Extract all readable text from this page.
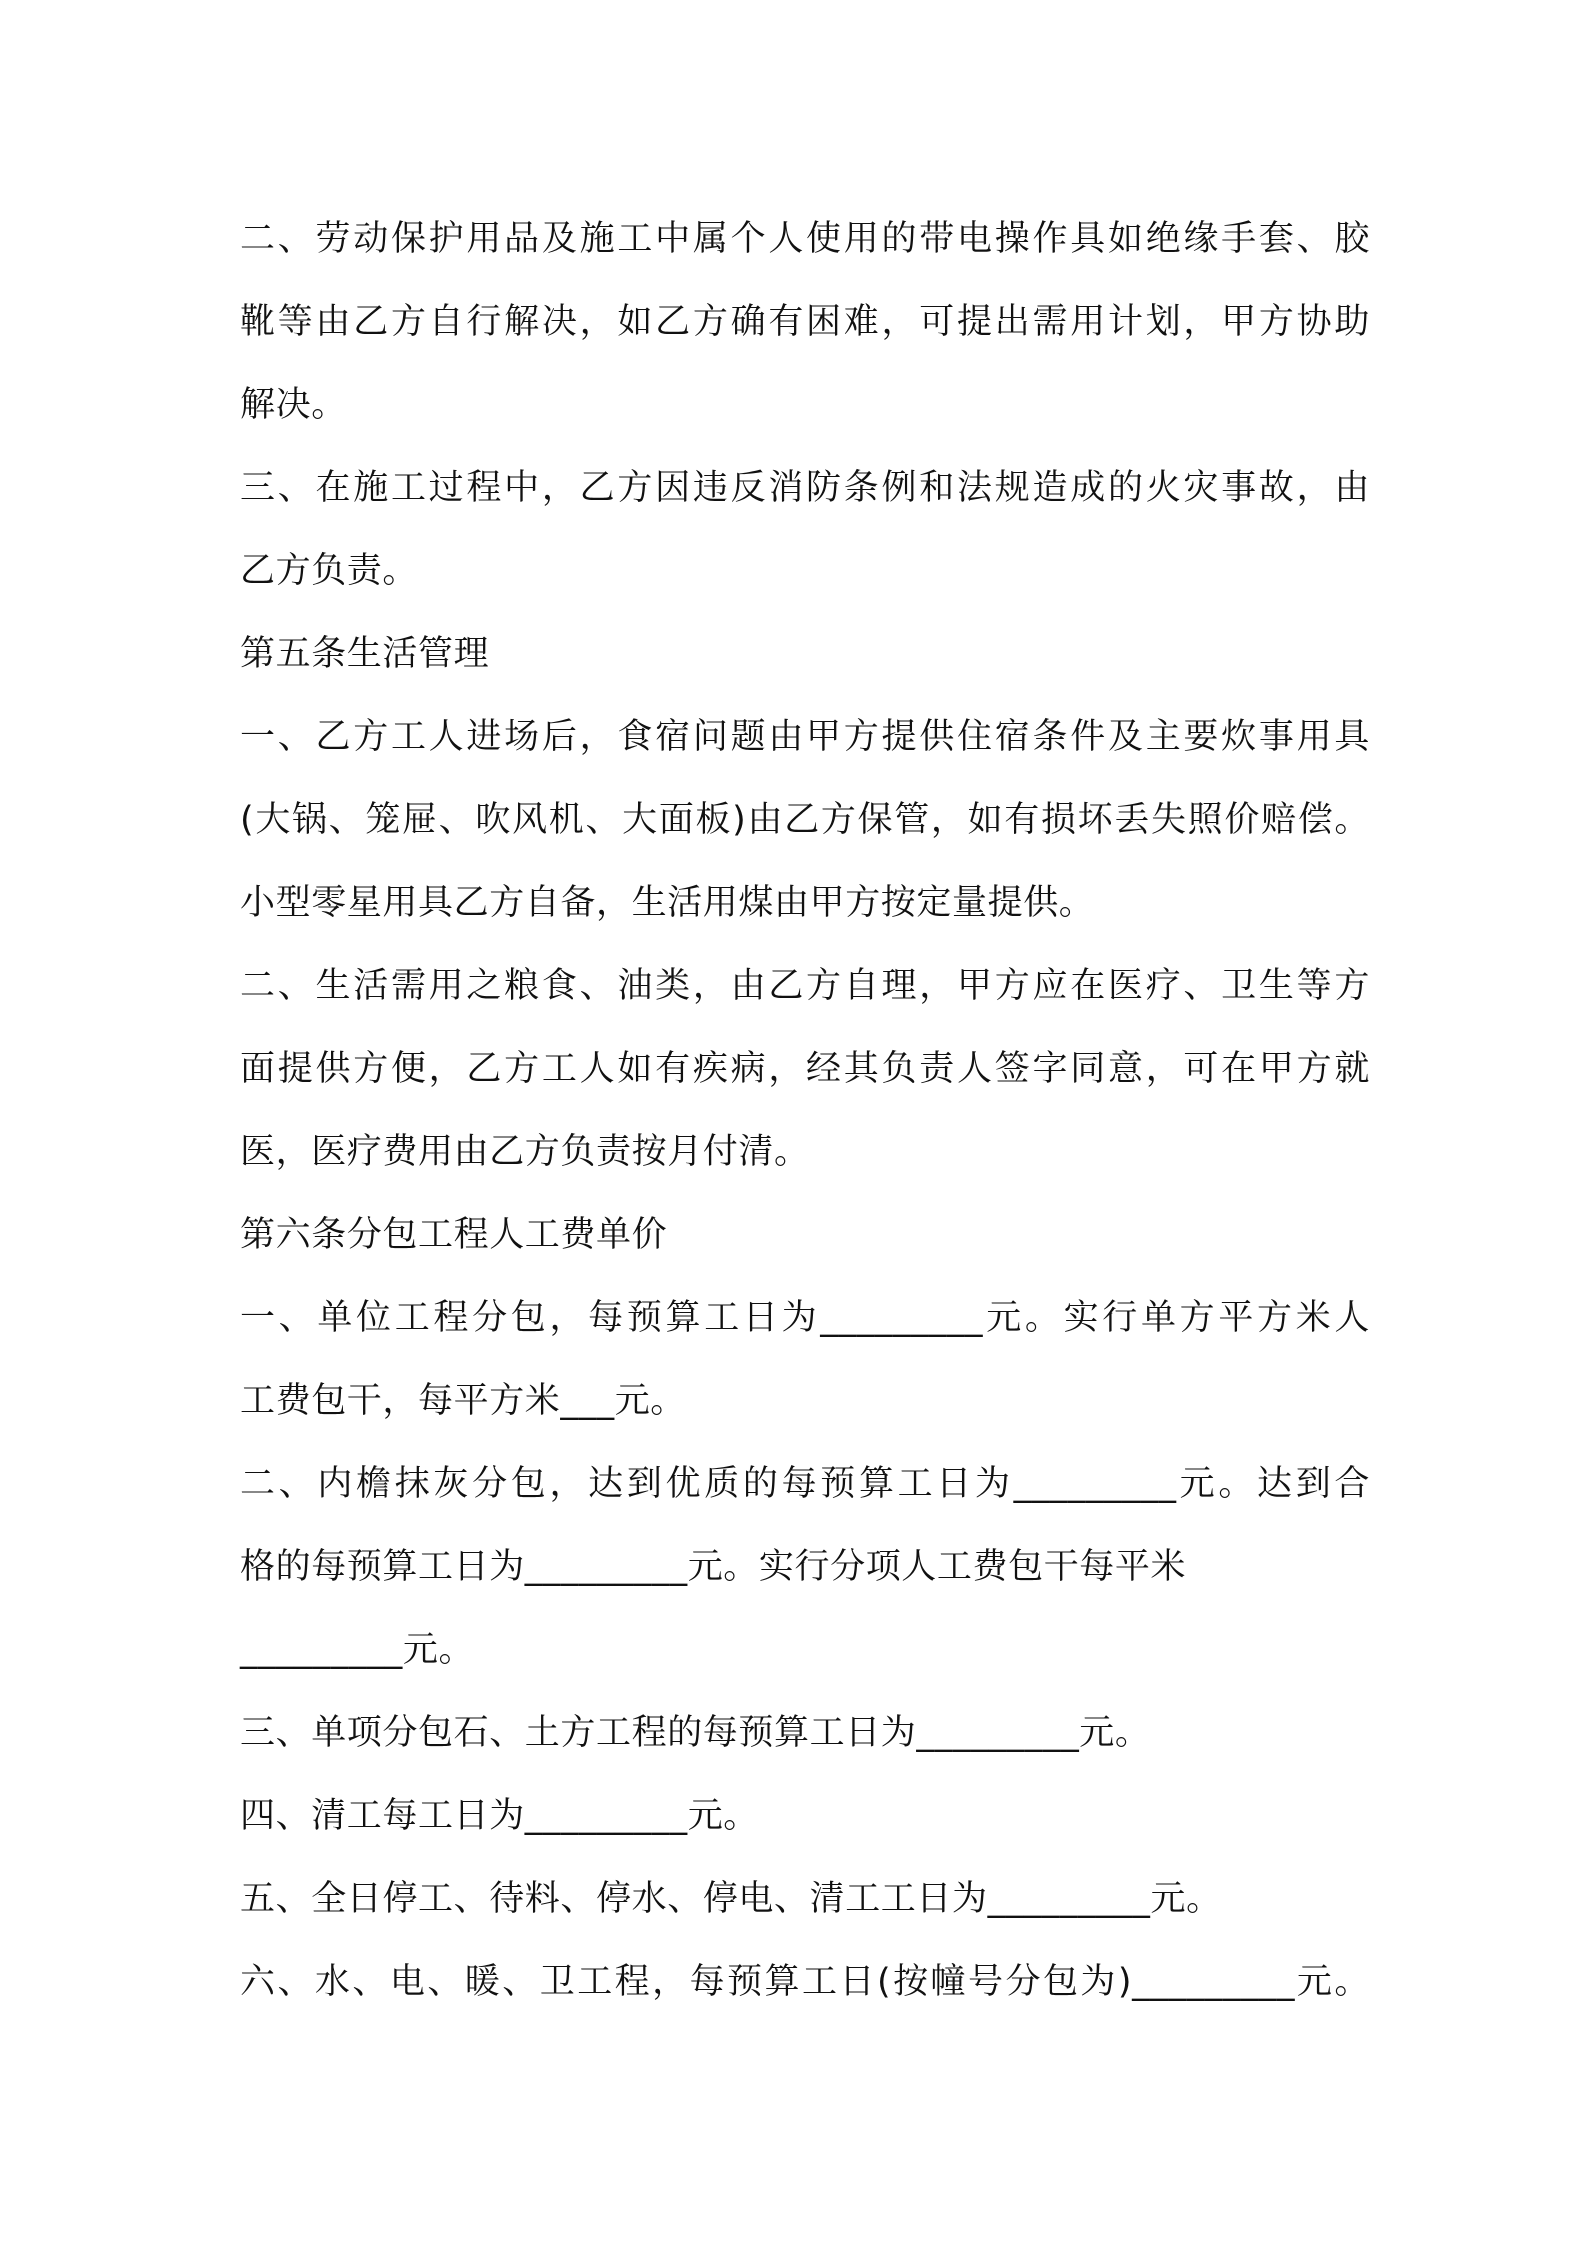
二、劳动保护用品及施工中属个人使用的带电操作具如绝缘手套、胶
靴等由乙方自行解决，如乙方确有困难，可提出需用计划，甲方协助
解决。
三、在施工过程中，乙方因违反消防条例和法规造成的火灾事故，由
乙方负责。
第五条生活管理
一、乙方工人进场后，食宿问题由甲方提供住宿条件及主要炊事用具
(大锅、笼屉、吹风机、大面板)由乙方保管，如有损坏丢失照价赔偿。
小型零星用具乙方自备，生活用煤由甲方按定量提供。
二、生活需用之粮食、油类，由乙方自理，甲方应在医疗、卫生等方
面提供方便，乙方工人如有疾病，经其负责人签字同意，可在甲方就
医，医疗费用由乙方负责按月付清。
第六条分包工程人工费单价
一、单位工程分包，每预算工日为_________元。实行单方平方米人
工费包干，每平方米___元。
二、内檐抹灰分包，达到优质的每预算工日为_________元。达到合
格的每预算工日为_________元。实行分项人工费包干每平米
_________元。
三、单项分包石、土方工程的每预算工日为_________元。
四、清工每工日为_________元。
五、全日停工、待料、停水、停电、清工工日为_________元。
六、水、电、暖、卫工程，每预算工日(按幢号分包为)_________元。
